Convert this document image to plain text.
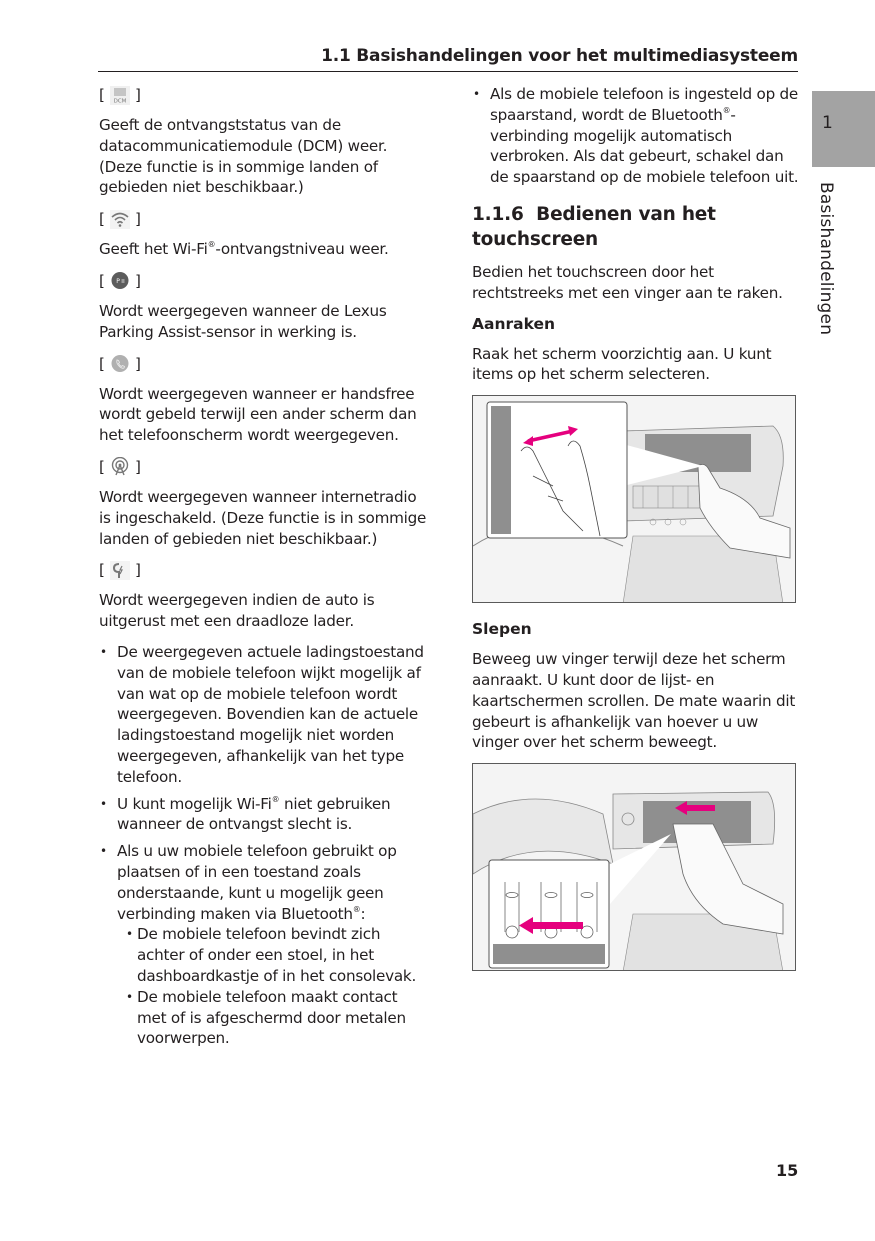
1.1 Basishandelingen voor het multimediasysteem
1
Basishandelingen
[ DCM ]

Geeft de ontvangststatus van de datacommunicatiemodule (DCM) weer. (Deze functie is in sommige landen of gebieden niet beschikbaar.)

[ ]

Geeft het Wi-Fi®-ontvangstniveau weer.

[ P ]

Wordt weergegeven wanneer de Lexus Parking Assist-sensor in werking is.

[ ]

Wordt weergegeven wanneer er handsfree wordt gebeld terwijl een ander scherm dan het telefoonscherm wordt weergegeven.

[ ]

Wordt weergegeven wanneer internetradio is ingeschakeld. (Deze functie is in sommige landen of gebieden niet beschikbaar.)

[ ]

Wordt weergegeven indien de auto is uitgerust met een draadloze lader.

• De weergegeven actuele ladingstoestand van de mobiele telefoon wijkt mogelijk af van wat op de mobiele telefoon wordt weergegeven. Bovendien kan de actuele ladingstoestand mogelijk niet worden weergegeven, afhankelijk van het type telefoon.
• U kunt mogelijk Wi-Fi® niet gebruiken wanneer de ontvangst slecht is.
• Als u uw mobiele telefoon gebruikt op plaatsen of in een toestand zoals onderstaande, kunt u mogelijk geen verbinding maken via Bluetooth®:
• De mobiele telefoon bevindt zich achter of onder een stoel, in het dashboardkastje of in het consolevak.
• De mobiele telefoon maakt contact met of is afgeschermd door metalen voorwerpen.
• Als de mobiele telefoon is ingesteld op de spaarstand, wordt de Bluetooth®-verbinding mogelijk automatisch verbroken. Als dat gebeurt, schakel dan de spaarstand op de mobiele telefoon uit.
1.1.6 Bedienen van het touchscreen

Bedien het touchscreen door het rechtstreeks met een vinger aan te raken.

Aanraken

Raak het scherm voorzichtig aan. U kunt items op het scherm selecteren.

Slepen

Beweeg uw vinger terwijl deze het scherm aanraakt. U kunt door de lijst- en kaartschermen scrollen. De mate waarin dit gebeurt is afhankelijk van hoever u uw vinger over het scherm beweegt.

15
